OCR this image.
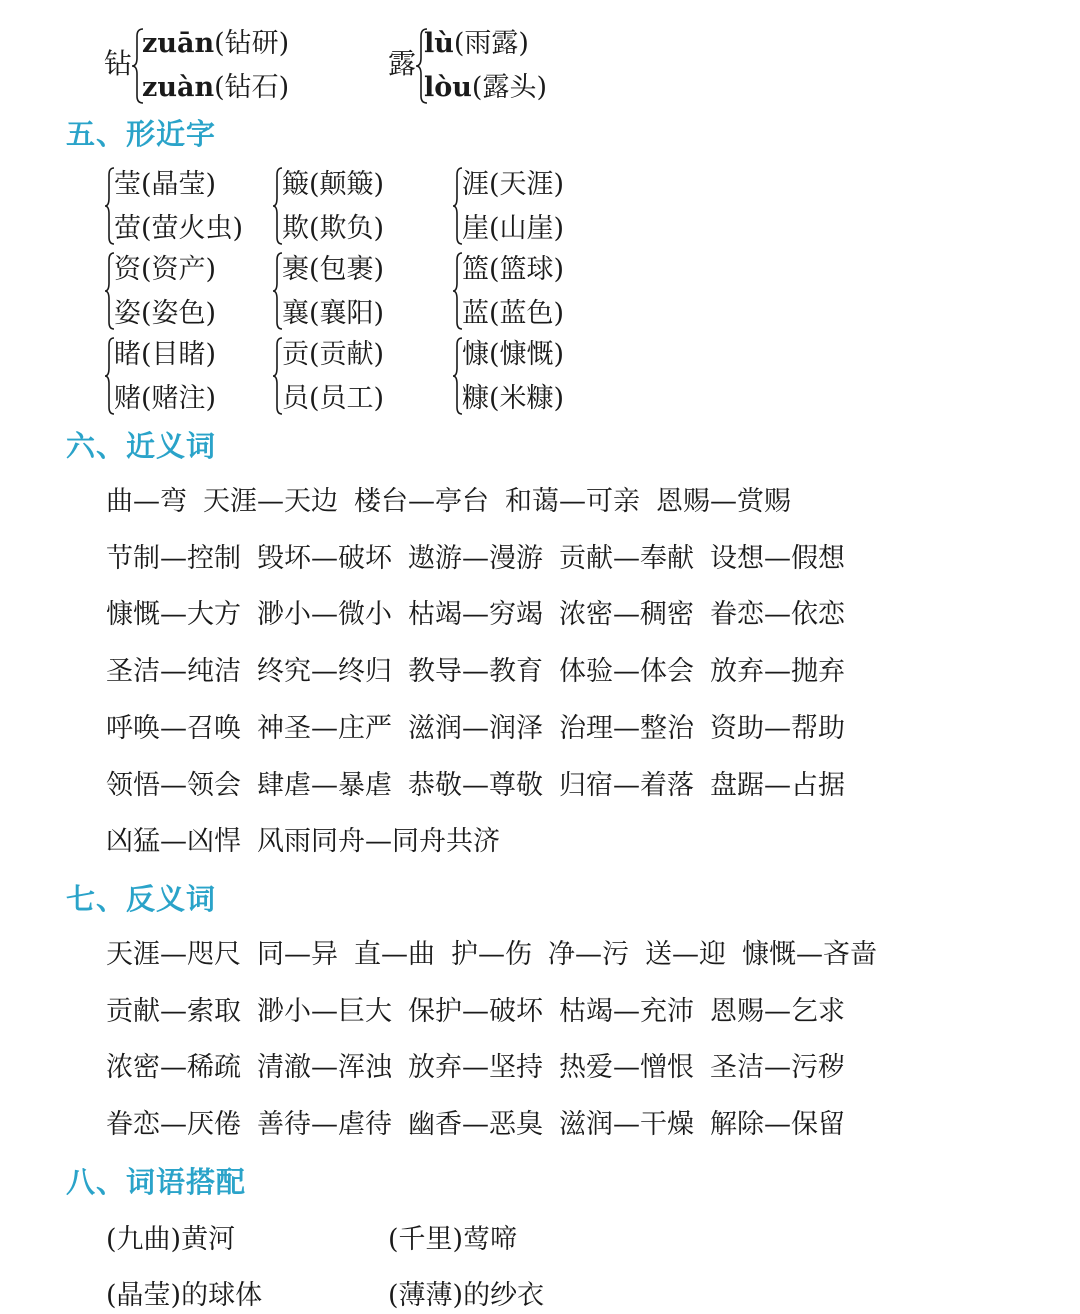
钻
zuān(钻研)
zuàn(钻石)
露
lù(雨露)
lòu(露头)
五、形近字
莹(晶莹)
萤(萤火虫)
簸(颠簸)
欺(欺负)
涯(天涯)
崖(山崖)
资(资产)
姿(姿色)
裹(包裹)
襄(襄阳)
篮(篮球)
蓝(蓝色)
睹(目睹)
赌(赌注)
贡(贡献)
员(员工)
慷(慷慨)
糠(米糠)
六、近义词
曲—弯 天涯—天边 楼台—亭台 和蔼—可亲 恩赐—赏赐
节制—控制 毁坏—破坏 遨游—漫游 贡献—奉献 设想—假想
慷慨—大方 渺小—微小 枯竭—穷竭 浓密—稠密 眷恋—依恋
圣洁—纯洁 终究—终归 教导—教育 体验—体会 放弃—抛弃
呼唤—召唤 神圣—庄严 滋润—润泽 治理—整治 资助—帮助
领悟—领会 肆虐—暴虐 恭敬—尊敬 归宿—着落 盘踞—占据
凶猛—凶悍 风雨同舟—同舟共济
七、反义词
天涯—咫尺 同—异 直—曲 护—伤 净—污 送—迎 慷慨—吝啬
贡献—索取 渺小—巨大 保护—破坏 枯竭—充沛 恩赐—乞求
浓密—稀疏 清澈—浑浊 放弃—坚持 热爱—憎恨 圣洁—污秽
眷恋—厌倦 善待—虐待 幽香—恶臭 滋润—干燥 解除—保留
八、词语搭配
(九曲)黄河	(千里)莺啼
(晶莹)的球体	(薄薄)的纱衣
